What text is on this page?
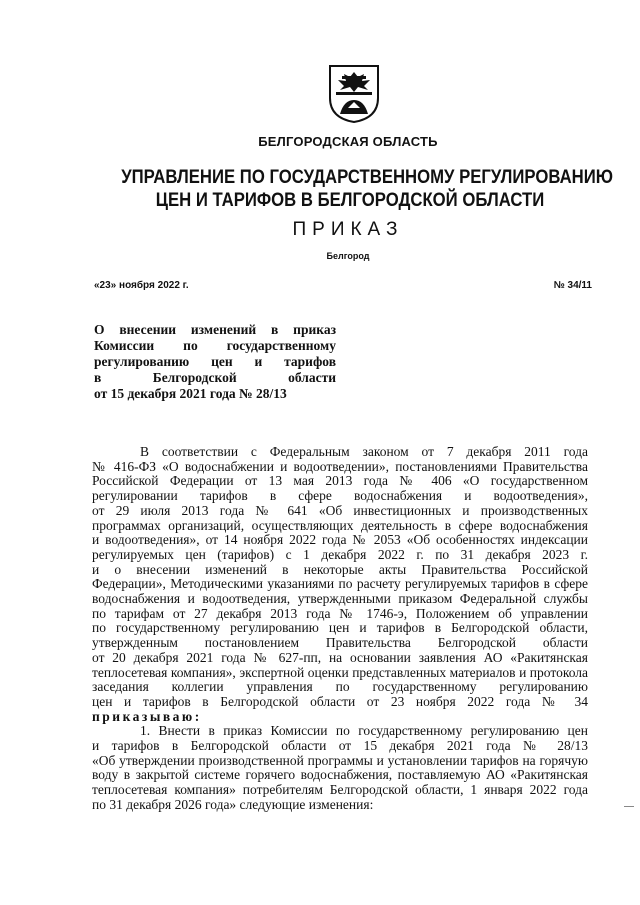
БЕЛГОРОДСКАЯ ОБЛАСТЬ
УПРАВЛЕНИЕ ПО ГОСУДАРСТВЕННОМУ РЕГУЛИРОВАНИЮ
ЦЕН И ТАРИФОВ В БЕЛГОРОДСКОЙ ОБЛАСТИ
ПРИКАЗ
Белгород
«23» ноября 2022 г.	№ 34/11
О внесении изменений в приказ
Комиссии по государственному
регулированию цен и тарифов
в Белгородской области
от 15 декабря 2021 года № 28/13
В соответствии с Федеральным законом от 7 декабря 2011 года
№ 416-ФЗ «О водоснабжении и водоотведении», постановлениями Правительства
Российской Федерации от 13 мая 2013 года № 406 «О государственном
регулировании тарифов в сфере водоснабжения и водоотведения»,
от 29 июля 2013 года № 641 «Об инвестиционных и производственных
программах организаций, осуществляющих деятельность в сфере водоснабжения
и водоотведения», от 14 ноября 2022 года № 2053 «Об особенностях индексации
регулируемых цен (тарифов) с 1 декабря 2022 г. по 31 декабря 2023 г.
и о внесении изменений в некоторые акты Правительства Российской
Федерации», Методическими указаниями по расчету регулируемых тарифов в сфере
водоснабжения и водоотведения, утвержденными приказом Федеральной службы
по тарифам от 27 декабря 2013 года № 1746-э, Положением об управлении
по государственному регулированию цен и тарифов в Белгородской области,
утвержденным постановлением Правительства Белгородской области
от 20 декабря 2021 года № 627-пп, на основании заявления АО «Ракитянская
теплосетевая компания», экспертной оценки представленных материалов и протокола
заседания коллегии управления по государственному регулированию
цен и тарифов в Белгородской области от 23 ноября 2022 года № 34
приказываю:
1. Внести в приказ Комиссии по государственному регулированию цен
и тарифов в Белгородской области от 15 декабря 2021 года № 28/13
«Об утверждении производственной программы и установлении тарифов на горячую
воду в закрытой системе горячего водоснабжения, поставляемую АО «Ракитянская
теплосетевая компания» потребителям Белгородской области, 1 января 2022 года
по 31 декабря 2026 года» следующие изменения:
